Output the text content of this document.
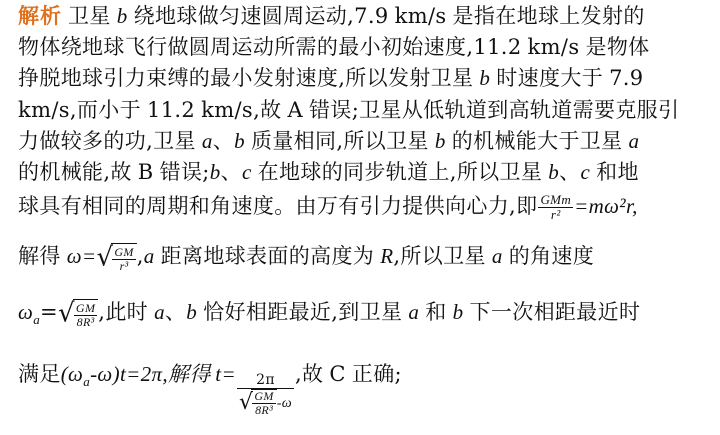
解析 卫星 b 绕地球做匀速圆周运动,7.9 km/s 是指在地球上发射的
物体绕地球飞行做圆周运动所需的最小初始速度,11.2 km/s 是物体
挣脱地球引力束缚的最小发射速度,所以发射卫星 b 时速度大于 7.9
km/s,而小于 11.2 km/s,故 A 错误;卫星从低轨道到高轨道需要克服引
力做较多的功,卫星 a、b 质量相同,所以卫星 b 的机械能大于卫星 a
的机械能,故 B 错误;b、c 在地球的同步轨道上,所以卫星 b、c 和地
球具有相同的周期和角速度。由万有引力提供向心力,即 $\frac{\text{GMm}}{\text{r²}} =m\omega^2r$,
解得 $\omega=√ \frac{GM}{\text{r³}} ,a$ 距离地球表面的高度为 R,所以卫星 a 的角速度
$\omega_a=√ \frac{GM}{\text{8R³}}$ ,此时 a、b 恰好相距最近,到卫星 a 和 b 下一次相距最近时
满足$(\omega_a-\omega)t=2\pi$,解得 $t= \frac{2\pi}{√ \frac{GM}{\text{8R³}} -\omega}$ ,故 C 正确;
